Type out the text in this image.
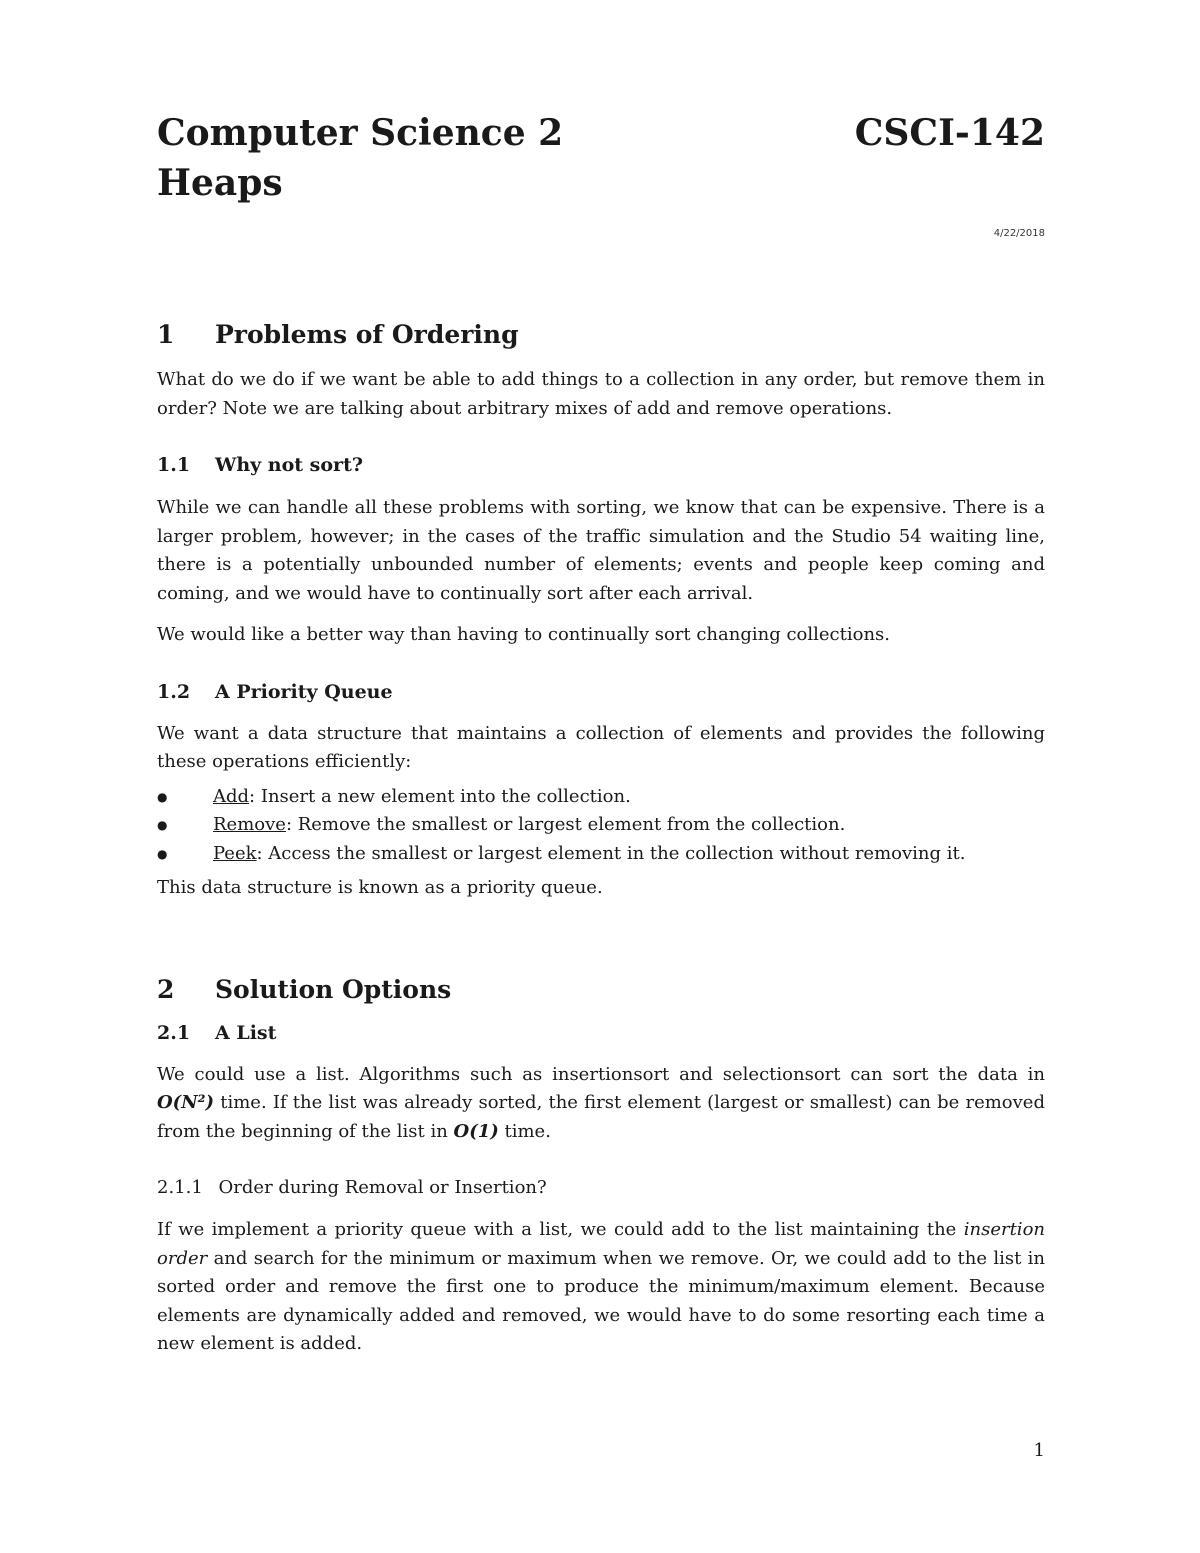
Computer Science 2	CSCI-142
Heaps
4/22/2018
1	Problems of Ordering

What do we do if we want be able to add things to a collection in any order, but remove them in order? Note we are talking about arbitrary mixes of add and remove operations.

1.1	Why not sort?

While we can handle all these problems with sorting, we know that can be expensive. There is a larger problem, however; in the cases of the traffic simulation and the Studio 54 waiting line, there is a potentially unbounded number of elements; events and people keep coming and coming, and we would have to continually sort after each arrival.

We would like a better way than having to continually sort changing collections.

1.2	A Priority Queue

We want a data structure that maintains a collection of elements and provides the following these operations efficiently:

●	Add: Insert a new element into the collection.
●	Remove: Remove the smallest or largest element from the collection.
●	Peek: Access the smallest or largest element in the collection without removing it.

This data structure is known as a priority queue.

2	Solution Options
2.1	A List

We could use a list. Algorithms such as insertionsort and selectionsort can sort the data in O(N²) time. If the list was already sorted, the first element (largest or smallest) can be removed from the beginning of the list in O(1) time.

2.1.1 Order during Removal or Insertion?

If we implement a priority queue with a list, we could add to the list maintaining the insertion order and search for the minimum or maximum when we remove. Or, we could add to the list in sorted order and remove the first one to produce the minimum/maximum element. Because elements are dynamically added and removed, we would have to do some resorting each time a new element is added.

1
